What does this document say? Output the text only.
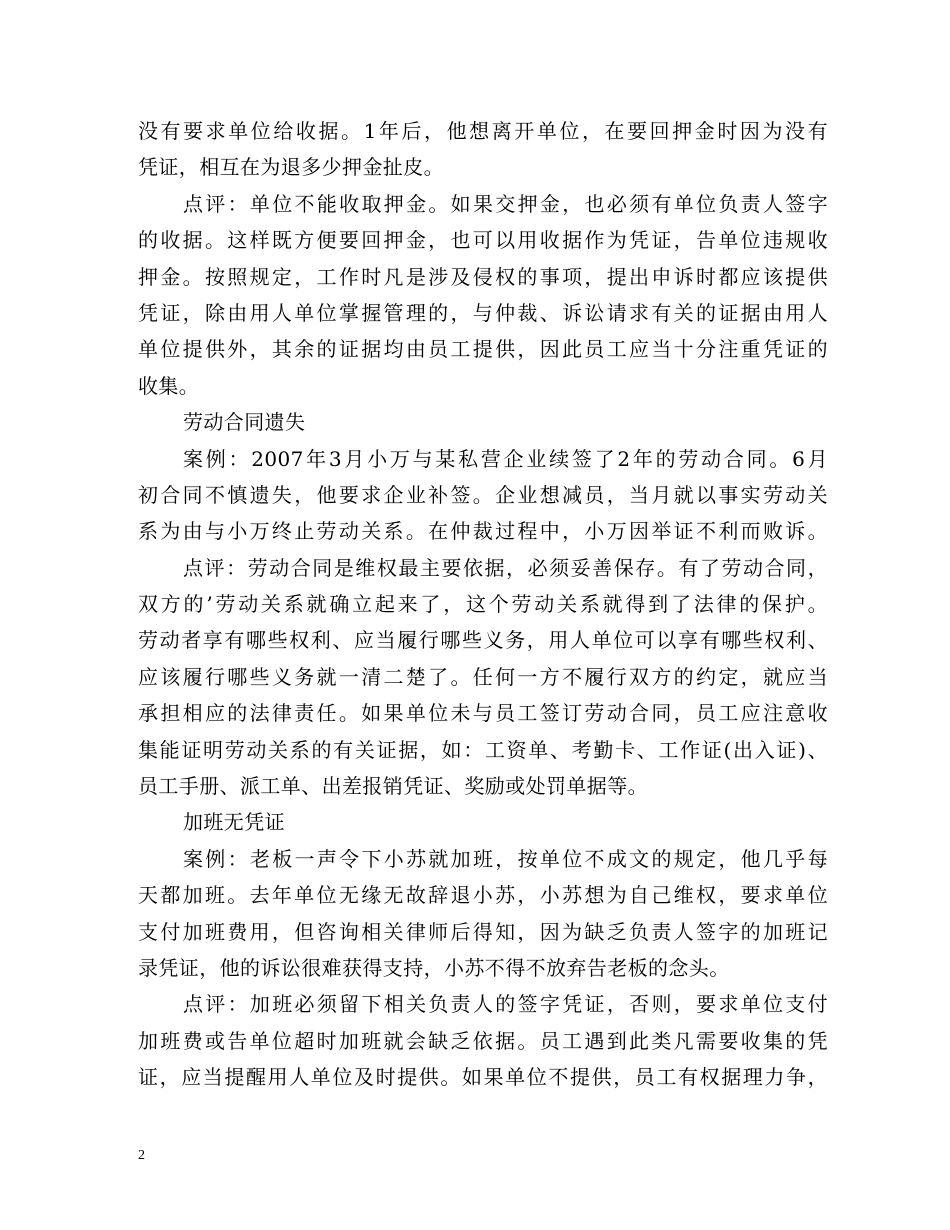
没有要求单位给收据。1年后，他想离开单位，在要回押金时因为没有
凭证，相互在为退多少押金扯皮。
点评：单位不能收取押金。如果交押金，也必须有单位负责人签字
的收据。这样既方便要回押金，也可以用收据作为凭证，告单位违规收
押金。按照规定，工作时凡是涉及侵权的事项，提出申诉时都应该提供
凭证，除由用人单位掌握管理的，与仲裁、诉讼请求有关的证据由用人
单位提供外，其余的证据均由员工提供，因此员工应当十分注重凭证的
收集。
劳动合同遗失
案例：2007年3月小万与某私营企业续签了2年的劳动合同。6月
初合同不慎遗失，他要求企业补签。企业想减员，当月就以事实劳动关
系为由与小万终止劳动关系。在仲裁过程中，小万因举证不利而败诉。
点评：劳动合同是维权最主要依据，必须妥善保存。有了劳动合同，
双方的’劳动关系就确立起来了，这个劳动关系就得到了法律的保护。
劳动者享有哪些权利、应当履行哪些义务，用人单位可以享有哪些权利、
应该履行哪些义务就一清二楚了。任何一方不履行双方的约定，就应当
承担相应的法律责任。如果单位未与员工签订劳动合同，员工应注意收
集能证明劳动关系的有关证据，如：工资单、考勤卡、工作证(出入证)、
员工手册、派工单、出差报销凭证、奖励或处罚单据等。
加班无凭证
案例：老板一声令下小苏就加班，按单位不成文的规定，他几乎每
天都加班。去年单位无缘无故辞退小苏，小苏想为自己维权，要求单位
支付加班费用，但咨询相关律师后得知，因为缺乏负责人签字的加班记
录凭证，他的诉讼很难获得支持，小苏不得不放弃告老板的念头。
点评：加班必须留下相关负责人的签字凭证，否则，要求单位支付
加班费或告单位超时加班就会缺乏依据。员工遇到此类凡需要收集的凭
证，应当提醒用人单位及时提供。如果单位不提供，员工有权据理力争，
2
